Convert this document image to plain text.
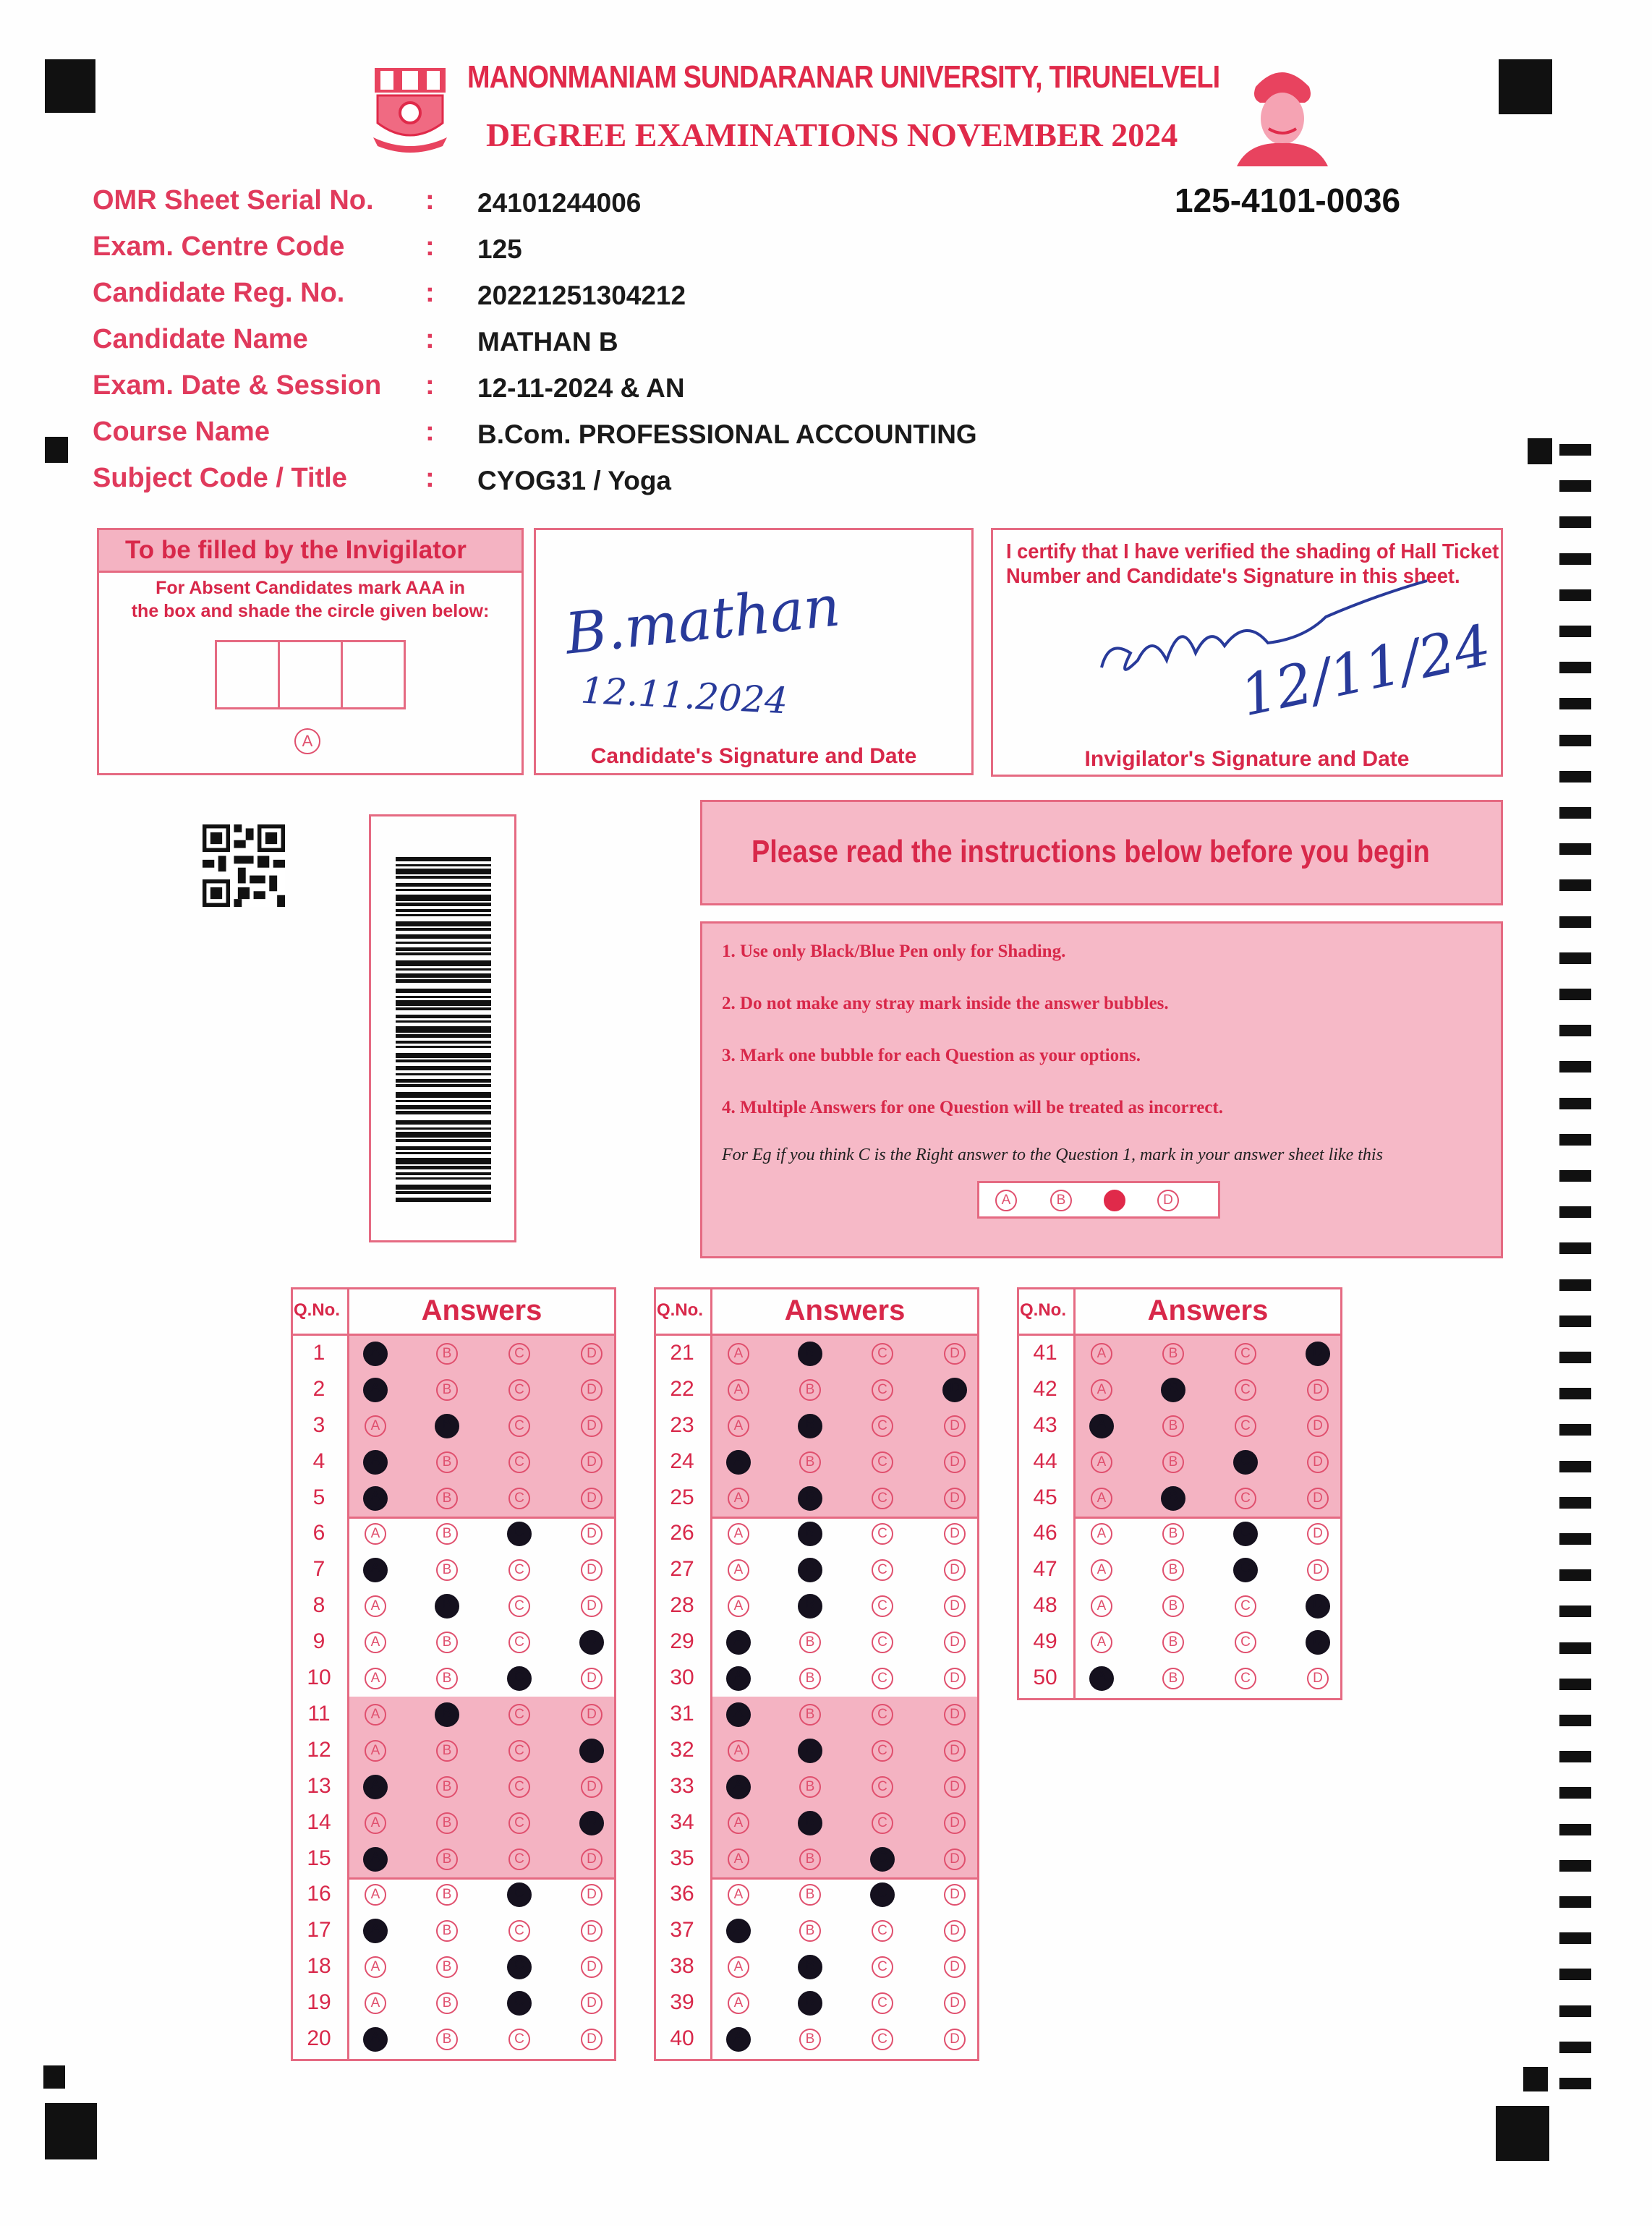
MANONMANIAM SUNDARANAR UNIVERSITY, TIRUNELVELI
DEGREE EXAMINATIONS NOVEMBER 2024
125-4101-0036
OMR Sheet Serial No. : 24101244006
Exam. Centre Code	: 125
Candidate Reg. No.	: 20221251304212
Candidate Name	: MATHAN B
Exam. Date & Session : 12-11-2024 & AN
Course Name	: B.Com. PROFESSIONAL ACCOUNTING
Subject Code / Title	: CYOG31 / Yoga
To be filled by the Invigilator
For Absent Candidates mark AAA in
the box and shade the circle given below:
A
B.mathan
12.11.2024
Candidate's Signature and Date
I certify that I have verified the shading of Hall Ticket
Number and Candidate's Signature in this sheet.
12/11/24
Invigilator's Signature and Date
Please read the instructions below before you begin
A	B	C	D
1. Use only Black/Blue Pen only for Shading.
2. Do not make any stray mark inside the answer bubbles.
3. Mark one bubble for each Question as your options.
4. Multiple Answers for one Question will be treated as incorrect.
For Eg if you think C is the Right answer to the Question 1, mark in your answer sheet like this
Q.No.	Answers
1	A	B	C	D
2	A	B	C	D
3	A	B	C	D
4	A	B	C	D
5	A	B	C	D
6	A	B	C	D
7	A	B	C	D
8	A	B	C	D
9	A	B	C	D
10	A	B	C	D
11	A	B	C	D
12	A	B	C	D
13	A	B	C	D
14	A	B	C	D
15	A	B	C	D
16	A	B	C	D
17	A	B	C	D
18	A	B	C	D
19	A	B	C	D
20	A	B	C	D
Q.No.	Answers
21	A	B	C	D
22	A	B	C	D
23	A	B	C	D
24	A	B	C	D
25	A	B	C	D
26	A	B	C	D
27	A	B	C	D
28	A	B	C	D
29	A	B	C	D
30	A	B	C	D
31	A	B	C	D
32	A	B	C	D
33	A	B	C	D
34	A	B	C	D
35	A	B	C	D
36	A	B	C	D
37	A	B	C	D
38	A	B	C	D
39	A	B	C	D
40	A	B	C	D
Q.No.	Answers
41	A	B	C	D
42	A	B	C	D
43	A	B	C	D
44	A	B	C	D
45	A	B	C	D
46	A	B	C	D
47	A	B	C	D
48	A	B	C	D
49	A	B	C	D
50	A	B	C	D
